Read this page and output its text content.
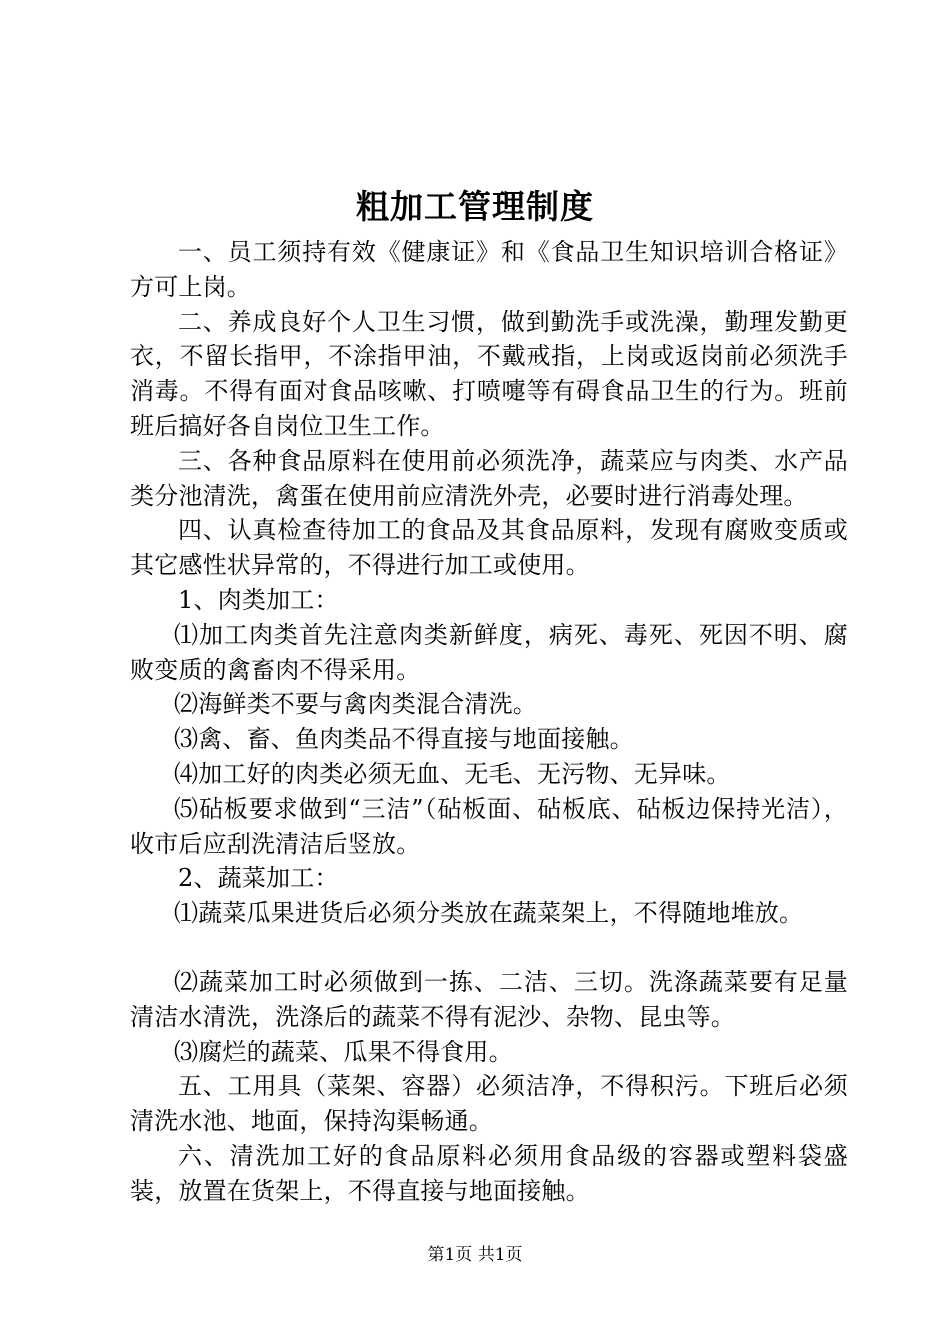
粗加工管理制度

一、员工须持有效《健康证》和《食品卫生知识培训合格证》方可上岗。

二、养成良好个人卫生习惯，做到勤洗手或洗澡，勤理发勤更衣，不留长指甲，不涂指甲油，不戴戒指，上岗或返岗前必须洗手消毒。不得有面对食品咳嗽、打喷嚏等有碍食品卫生的行为。班前班后搞好各自岗位卫生工作。

三、各种食品原料在使用前必须洗净，蔬菜应与肉类、水产品类分池清洗，禽蛋在使用前应清洗外壳，必要时进行消毒处理。

四、认真检查待加工的食品及其食品原料，发现有腐败变质或其它感性状异常的，不得进行加工或使用。

1、肉类加工：

⑴加工肉类首先注意肉类新鲜度，病死、毒死、死因不明、腐败变质的禽畜肉不得采用。

⑵海鲜类不要与禽肉类混合清洗。

⑶禽、畜、鱼肉类品不得直接与地面接触。

⑷加工好的肉类必须无血、无毛、无污物、无异味。

⑸砧板要求做到“三洁”（砧板面、砧板底、砧板边保持光洁），收市后应刮洗清洁后竖放。

2、蔬菜加工：

⑴蔬菜瓜果进货后必须分类放在蔬菜架上，不得随地堆放。

⑵蔬菜加工时必须做到一拣、二洁、三切。洗涤蔬菜要有足量清洁水清洗，洗涤后的蔬菜不得有泥沙、杂物、昆虫等。

⑶腐烂的蔬菜、瓜果不得食用。

五、工用具（菜架、容器）必须洁净，不得积污。下班后必须清洗水池、地面，保持沟渠畅通。

六、清洗加工好的食品原料必须用食品级的容器或塑料袋盛装，放置在货架上，不得直接与地面接触。

第1页 共1页
